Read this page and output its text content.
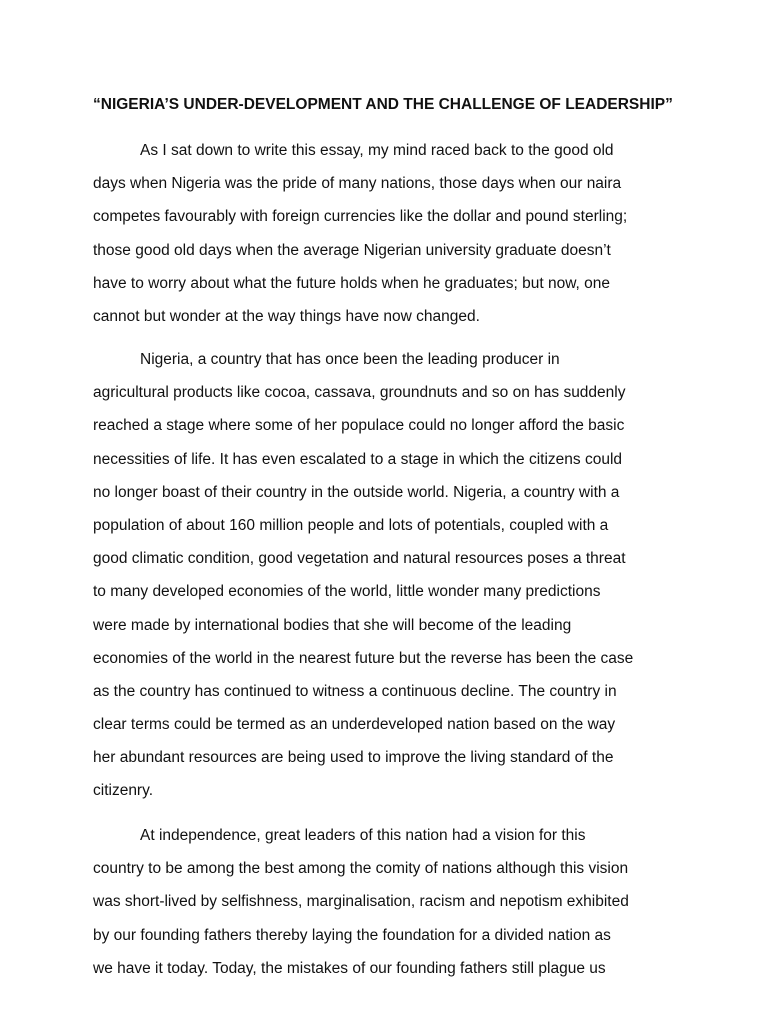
“NIGERIA’S UNDER-DEVELOPMENT AND THE CHALLENGE OF LEADERSHIP”
As I sat down to write this essay, my mind raced back to the good old
days when Nigeria was the pride of many nations, those days when our naira
competes favourably with foreign currencies like the dollar and pound sterling;
those good old days when the average Nigerian university graduate doesn’t
have to worry about what the future holds when he graduates; but now, one
cannot but wonder at the way things have now changed.
Nigeria, a country that has once been the leading producer in
agricultural products like cocoa, cassava, groundnuts and so on has suddenly
reached a stage where some of her populace could no longer afford the basic
necessities of life. It has even escalated to a stage in which the citizens could
no longer boast of their country in the outside world. Nigeria, a country with a
population of about 160 million people and lots of potentials, coupled with a
good climatic condition, good vegetation and natural resources poses a threat
to many developed economies of the world, little wonder many predictions
were made by international bodies that she will become of the leading
economies of the world in the nearest future but the reverse has been the case
as the country has continued to witness a continuous decline. The country in
clear terms could be termed as an underdeveloped nation based on the way
her abundant resources are being used to improve the living standard of the
citizenry.
At independence, great leaders of this nation had a vision for this
country to be among the best among the comity of nations although this vision
was short-lived by selfishness, marginalisation, racism and nepotism exhibited
by our founding fathers thereby laying the foundation for a divided nation as
we have it today. Today, the mistakes of our founding fathers still plague us
